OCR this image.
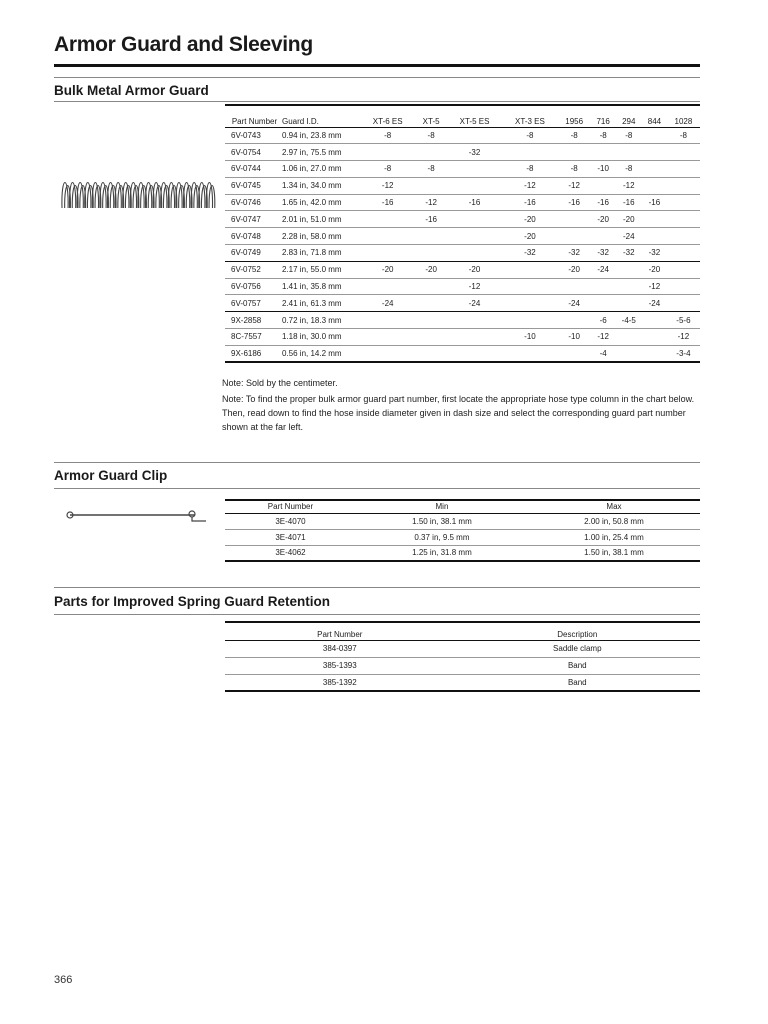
Armor Guard and Sleeving
Bulk Metal Armor Guard
Part Number	Guard I.D.	XT-6 ES	XT-5	XT-5 ES	XT-3 ES	1956	716	294	844	1028
6V-0743	0.94 in, 23.8 mm	-8	-8		-8	-8	-8	-8		-8
6V-0754	2.97 in, 75.5 mm			-32						
6V-0744	1.06 in, 27.0 mm	-8	-8		-8	-8	-10	-8		
6V-0745	1.34 in, 34.0 mm	-12			-12	-12		-12		
6V-0746	1.65 in, 42.0 mm	-16	-12	-16	-16	-16	-16	-16	-16	
6V-0747	2.01 in, 51.0 mm		-16		-20		-20	-20		
6V-0748	2.28 in, 58.0 mm				-20			-24		
6V-0749	2.83 in, 71.8 mm				-32	-32	-32	-32	-32	
6V-0752	2.17 in, 55.0 mm	-20	-20	-20		-20	-24		-20	
6V-0756	1.41 in, 35.8 mm			-12					-12	
6V-0757	2.41 in, 61.3 mm	-24		-24		-24			-24	
9X-2858	0.72 in, 18.3 mm						-6	-4-5		-5-6
8C-7557	1.18 in, 30.0 mm				-10	-10	-12			-12
9X-6186	0.56 in, 14.2 mm						-4			-3-4

Note: Sold by the centimeter.

Note: To find the proper bulk armor guard part number, first locate the appropriate hose type column in the chart below. Then, read down to find the hose inside diameter given in dash size and select the corresponding guard part number shown at the far left.

Armor Guard Clip
Part Number	Min	Max
3E-4070	1.50 in, 38.1 mm	2.00 in, 50.8 mm
3E-4071	0.37 in, 9.5 mm	1.00 in, 25.4 mm
3E-4062	1.25 in, 31.8 mm	1.50 in, 38.1 mm
Parts for Improved Spring Guard Retention
Part Number	Description
384-0397	Saddle clamp
385-1393	Band
385-1392	Band
366
